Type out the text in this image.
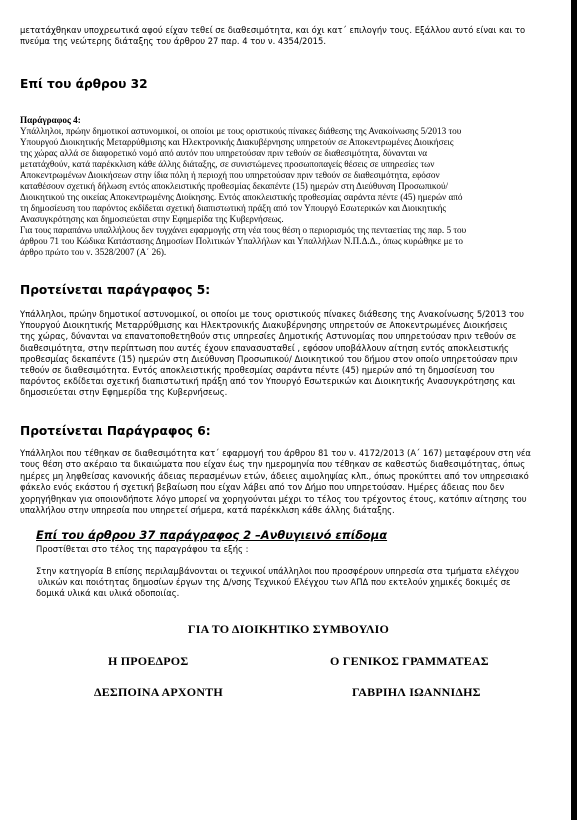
μετατάχθηκαν υποχρεωτικά αφού είχαν τεθεί σε διαθεσιμότητα, και όχι κατ΄ επιλογήν τους. Εξάλλου αυτό είναι και το
πνεύμα της νεώτερης διάταξης του άρθρου 27 παρ. 4 του ν. 4354/2015.
Επί του άρθρου 32
Παράγραφος 4:
Υπάλληλοι, πρώην δημοτικοί αστυνομικοί, οι οποίοι με τους οριστικούς πίνακες διάθεσης της Ανακοίνωσης 5/2013 του
Υπουργού Διοικητικής Μεταρρύθμισης και Ηλεκτρονικής Διακυβέρνησης υπηρετούν σε Αποκεντρωμένες Διοικήσεις
της χώρας αλλά σε διαφορετικό νομό από αυτόν που υπηρετούσαν πριν τεθούν σε διαθεσιμότητα, δύνανται να
μετατάχθούν, κατά παρέκκλιση κάθε άλλης διάταξης, σε συνιστώμενες προσωποπαγείς θέσεις σε υπηρεσίες των
Αποκεντρωμένων Διοικήσεων στην ίδια πόλη ή περιοχή που υπηρετούσαν πριν τεθούν σε διαθεσιμότητα, εφόσον
καταθέσουν σχετική δήλωση εντός αποκλειστικής προθεσμίας δεκαπέντε (15) ημερών στη Διεύθυνση Προσωπικού/
Διοικητικού της οικείας Αποκεντρωμένης Διοίκησης. Εντός αποκλειστικής προθεσμίας σαράντα πέντε (45) ημερών από
τη δημοσίευση του παρόντος εκδίδεται σχετική διαπιστωτική πράξη από τον Υπουργό Εσωτερικών και Διοικητικής
Ανασυγκρότησης και δημοσιεύεται στην Εφημερίδα της Κυβερνήσεως.
Για τους παραπάνω υπαλλήλους δεν τυγχάνει εφαρμογής στη νέα τους θέση ο περιορισμός της πενταετίας της παρ. 5 του
άρθρου 71 του Κώδικα Κατάστασης Δημοσίων Πολιτικών Υπαλλήλων και Υπαλλήλων Ν.Π.Δ.Δ., όπως κυρώθηκε με το
άρθρο πρώτο του ν. 3528/2007 (Α΄ 26).
Προτείνεται παράγραφος 5:
Υπάλληλοι, πρώην δημοτικοί αστυνομικοί, οι οποίοι με τους οριστικούς πίνακες διάθεσης της Ανακοίνωσης 5/2013 του
Υπουργού Διοικητικής Μεταρρύθμισης και Ηλεκτρονικής Διακυβέρνησης υπηρετούν σε Αποκεντρωμένες Διοικήσεις
της χώρας, δύνανται να επανατοποθετηθούν στις υπηρεσίες Δημοτικής Αστυνομίας που υπηρετούσαν πριν τεθούν σε
διαθεσιμότητα, στην περίπτωση που αυτές έχουν επανασυσταθεί , εφόσον υποβάλλουν αίτηση εντός αποκλειστικής
προθεσμίας δεκαπέντε (15) ημερών στη Διεύθυνση Προσωπικού/ Διοικητικού του δήμου στον οποίο υπηρετούσαν πριν
τεθούν σε διαθεσιμότητα. Εντός αποκλειστικής προθεσμίας σαράντα πέντε (45) ημερών από τη δημοσίευση του
παρόντος εκδίδεται σχετική διαπιστωτική πράξη από τον Υπουργό Εσωτερικών και Διοικητικής Ανασυγκρότησης και
δημοσιεύεται στην Εφημερίδα της Κυβερνήσεως.
Προτείνεται Παράγραφος 6:
Υπάλληλοι που τέθηκαν σε διαθεσιμότητα κατ΄ εφαρμογή του άρθρου 81 του ν. 4172/2013 (Α΄ 167) μεταφέρουν στη νέα
τους θέση στο ακέραιο τα δικαιώματα που είχαν έως την ημερομηνία που τέθηκαν σε καθεστώς διαθεσιμότητας, όπως
ημέρες μη ληφθείσας κανονικής άδειας περασμένων ετών, άδειες αιμοληψίας κλπ., όπως προκύπτει από τον υπηρεσιακό
φάκελο ενός εκάστου ή σχετική βεβαίωση που είχαν λάβει από τον Δήμο που υπηρετούσαν. Ημέρες άδειας που δεν
χορηγήθηκαν για οποιονδήποτε λόγο μπορεί να χορηγούνται μέχρι το τέλος του τρέχοντος έτους, κατόπιν αίτησης του
υπαλλήλου στην υπηρεσία που υπηρετεί σήμερα, κατά παρέκκλιση κάθε άλλης διάταξης.
Επί του άρθρου 37 παράγραφος 2 –Ανθυγιεινό επίδομα
Προστίθεται στο τέλος της παραγράφου τα εξής :
Στην κατηγορία Β επίσης περιλαμβάνονται οι τεχνικοί υπάλληλοι που προσφέρουν υπηρεσία στα τμήματα ελέγχου
υλικών και ποιότητας δημοσίων έργων της Δ/νσης Τεχνικού Ελέγχου των ΑΠΔ που εκτελούν χημικές δοκιμές σε
δομικά υλικά και υλικά οδοποιίας.
ΓΙΑ ΤΟ ΔΙΟΙΚΗΤΙΚΟ ΣΥΜΒΟΥΛΙΟ
Η ΠΡΟΕΔΡΟΣ	Ο ΓΕΝΙΚΟΣ ΓΡΑΜΜΑΤΕΑΣ
ΔΕΣΠΟΙΝΑ ΑΡΧΟΝΤΗ	ΓΑΒΡΙΗΛ ΙΩΑΝΝΙΔΗΣ
